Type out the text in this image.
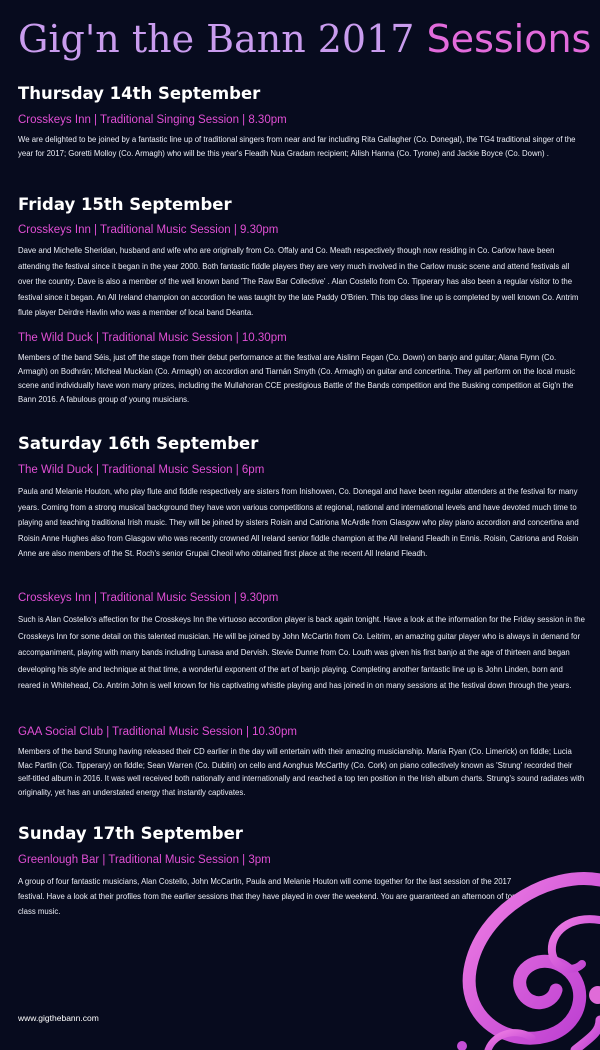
Gig'n the Bann 2017 Sessions
Thursday 14th September
Crosskeys Inn | Traditional Singing Session | 8.30pm

We are delighted to be joined by a fantastic line up of traditional singers from near and far including Rita Gallagher (Co. Donegal), the TG4 traditional singer of the year for 2017; Goretti Molloy (Co. Armagh) who will be this year's Fleadh Nua Gradam recipient; Ailish Hanna (Co. Tyrone) and Jackie Boyce (Co. Down) .

Friday 15th September
Crosskeys Inn | Traditional Music Session | 9.30pm

Dave and Michelle Sheridan, husband and wife who are originally from Co. Offaly and Co. Meath respectively though now residing in Co. Carlow have been attending the festival since it began in the year 2000. Both fantastic fiddle players they are very much involved in the Carlow music scene and attend festivals all over the country. Dave is also a member of the well known band 'The Raw Bar Collective' . Alan Costello from Co. Tipperary has also been a regular visitor to the festival since it began. An All Ireland champion on accordion he was taught by the late Paddy O'Brien. This top class line up is completed by well known Co. Antrim flute player Deirdre Havlin who was a member of local band Déanta.

The Wild Duck | Traditional Music Session | 10.30pm

Members of the band Séis, just off the stage from their debut performance at the festival are Aislinn Fegan (Co. Down) on banjo and guitar; Alana Flynn (Co. Armagh) on Bodhrán; Micheal Muckian (Co. Armagh) on accordion and Tiarnán Smyth (Co. Armagh) on guitar and concertina. They all perform on the local music scene and individually have won many prizes, including the Mullahoran CCE prestigious Battle of the Bands competition and the Busking competition at Gig'n the Bann 2016. A fabulous group of young musicians.

Saturday 16th September
The Wild Duck | Traditional Music Session | 6pm

Paula and Melanie Houton, who play flute and fiddle respectively are sisters from Inishowen, Co. Donegal and have been regular attenders at the festival for many years. Coming from a strong musical background they have won various competitions at regional, national and international levels and have devoted much time to playing and teaching traditional Irish music. They will be joined by sisters Roisin and Catriona McArdle from Glasgow who play piano accordion and concertina and Roisin Anne Hughes also from Glasgow who was recently crowned All Ireland senior fiddle champion at the All Ireland Fleadh in Ennis. Roisin, Catriona and Roisin Anne are also members of the St. Roch's senior Grupai Cheoil who obtained first place at the recent All Ireland Fleadh.

Crosskeys Inn | Traditional Music Session | 9.30pm

Such is Alan Costello's affection for the Crosskeys Inn the virtuoso accordion player is back again tonight. Have a look at the information for the Friday session in the Crosskeys Inn for some detail on this talented musician. He will be joined by John McCartin from Co. Leitrim, an amazing guitar player who is always in demand for accompaniment, playing with many bands including Lunasa and Dervish. Stevie Dunne from Co. Louth was given his first banjo at the age of thirteen and began developing his style and technique at that time, a wonderful exponent of the art of banjo playing. Completing another fantastic line up is John Linden, born and reared in Whitehead, Co. Antrim John is well known for his captivating whistle playing and has joined in on many sessions at the festival down through the years.

GAA Social Club | Traditional Music Session | 10.30pm

Members of the band Strung having released their CD earlier in the day will entertain with their amazing musicianship. Maria Ryan (Co. Limerick) on fiddle; Lucia Mac Partlin (Co. Tipperary) on fiddle; Sean Warren (Co. Dublin) on cello and Aonghus McCarthy (Co. Cork) on piano collectively known as 'Strung' recorded their self-titled album in 2016. It was well received both nationally and internationally and reached a top ten position in the Irish album charts. Strung's sound radiates with originality, yet has an understated energy that instantly captivates.

Sunday 17th September
Greenlough Bar | Traditional Music Session | 3pm

A group of four fantastic musicians, Alan Costello, John McCartin, Paula and Melanie Houton will come together for the last session of the 2017 festival. Have a look at their profiles from the earlier sessions that they have played in over the weekend. You are guaranteed an afternoon of top class music.

www.gigthebann.com
